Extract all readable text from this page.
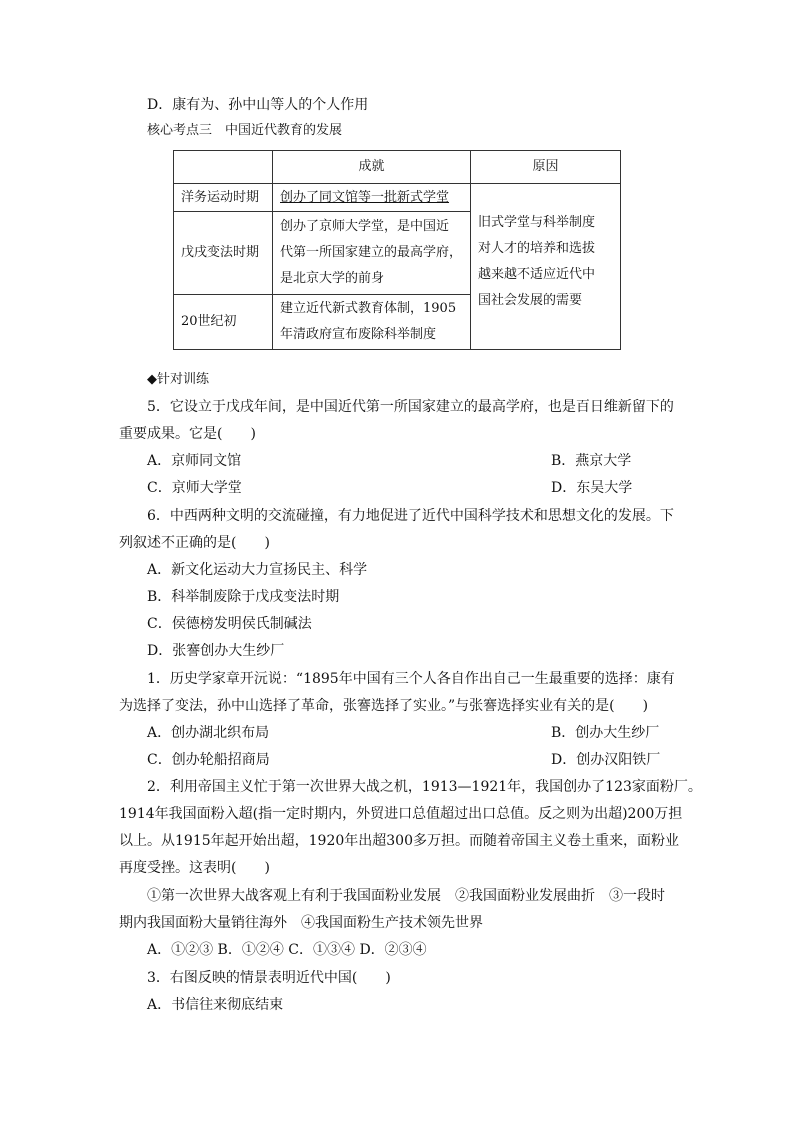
D．康有为、孙中山等人的个人作用
核心考点三　中国近代教育的发展
	成就	原因
洋务运动时期	创办了同文馆等一批新式学堂	旧式学堂与科举制度
对人才的培养和选拔
越来越不适应近代中
国社会发展的需要

戊戌变法时期	创办了京师大学堂，是中国近
代第一所国家建立的最高学府，
是北京大学的前身	

20世纪初	建立近代新式教育体制，1905
年清政府宣布废除科举制度	
◆针对训练
5．它设立于戊戌年间，是中国近代第一所国家建立的最高学府，也是百日维新留下的
重要成果。它是(　　)
A．京师同文馆	B．燕京大学
C．京师大学堂	D．东吴大学
6．中西两种文明的交流碰撞，有力地促进了近代中国科学技术和思想文化的发展。下
列叙述不正确的是(　　)
A．新文化运动大力宣扬民主、科学
B．科举制废除于戊戌变法时期
C．侯德榜发明侯氏制碱法
D．张謇创办大生纱厂
1．历史学家章开沅说：“1895年中国有三个人各自作出自己一生最重要的选择：康有
为选择了变法，孙中山选择了革命，张謇选择了实业。”与张謇选择实业有关的是(　　)
A．创办湖北织布局	B．创办大生纱厂
C．创办轮船招商局	D．创办汉阳铁厂
2．利用帝国主义忙于第一次世界大战之机，1913—1921年，我国创办了123家面粉厂。
1914年我国面粉入超(指一定时期内，外贸进口总值超过出口总值。反之则为出超)200万担
以上。从1915年起开始出超，1920年出超300多万担。而随着帝国主义卷土重来，面粉业
再度受挫。这表明(　　)
①第一次世界大战客观上有利于我国面粉业发展　②我国面粉业发展曲折　③一段时
期内我国面粉大量销往海外　④我国面粉生产技术领先世界
A．①②③ B．①②④ C．①③④ D．②③④
3．右图反映的情景表明近代中国(　　)
A．书信往来彻底结束
